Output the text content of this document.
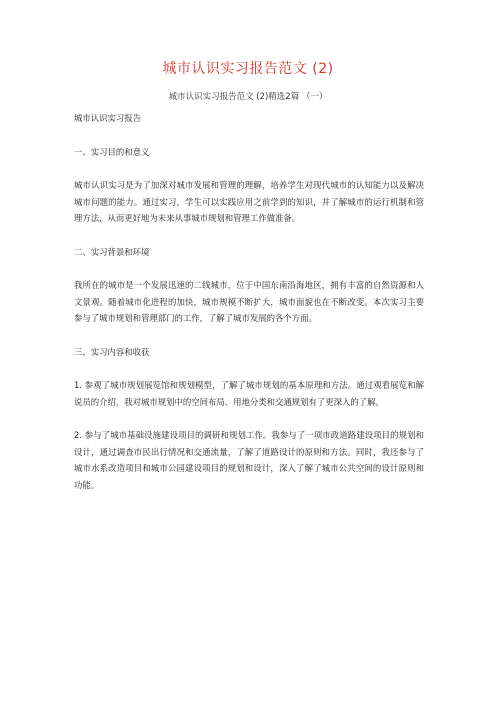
城市认识实习报告范文 (2)
城市认识实习报告范文 (2)精选2篇 （一）

城市认识实习报告

一、实习目的和意义

城市认识实习是为了加深对城市发展和管理的理解，培养学生对现代城市的认知能力以及解决城市问题的能力。通过实习，学生可以实践应用之前学到的知识，并了解城市的运行机制和管理方法，从而更好地为未来从事城市规划和管理工作做准备。

二、实习背景和环境

我所在的城市是一个发展迅速的二线城市，位于中国东南沿海地区，拥有丰富的自然资源和人文景观。随着城市化进程的加快，城市规模不断扩大，城市面貌也在不断改变。本次实习主要参与了城市规划和管理部门的工作，了解了城市发展的各个方面。

三、实习内容和收获

1. 参观了城市规划展览馆和规划模型，了解了城市规划的基本原理和方法。通过观看展览和解说员的介绍，我对城市规划中的空间布局、用地分类和交通规划有了更深入的了解。

2. 参与了城市基础设施建设项目的调研和规划工作。我参与了一项市政道路建设项目的规划和设计，通过调查市民出行情况和交通流量，了解了道路设计的原则和方法。同时，我还参与了城市水系改造项目和城市公园建设项目的规划和设计，深入了解了城市公共空间的设计原则和功能。
